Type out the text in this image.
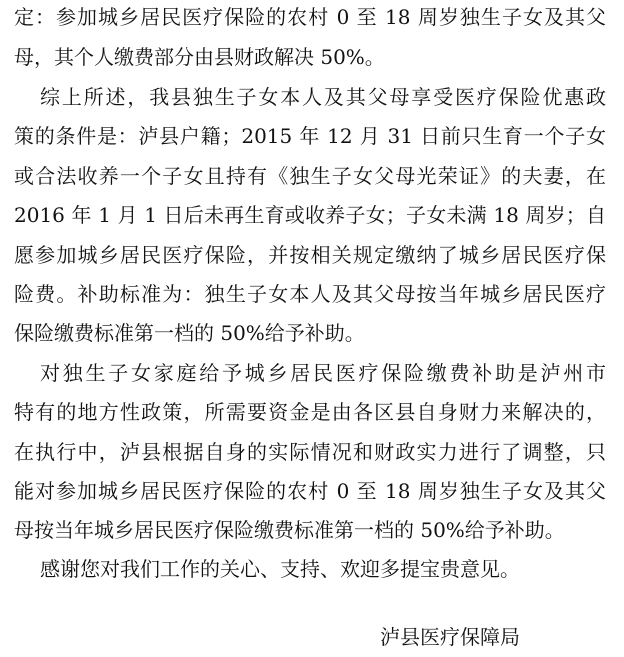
定：参加城乡居民医疗保险的农村 0 至 18 周岁独生子女及其父
母，其个人缴费部分由县财政解决 50%。
综上所述，我县独生子女本人及其父母享受医疗保险优惠政
策的条件是：泸县户籍；2015 年 12 月 31 日前只生育一个子女
或合法收养一个子女且持有《独生子女父母光荣证》的夫妻，在
2016 年 1 月 1 日后未再生育或收养子女；子女未满 18 周岁；自
愿参加城乡居民医疗保险，并按相关规定缴纳了城乡居民医疗保
险费。补助标准为：独生子女本人及其父母按当年城乡居民医疗
保险缴费标准第一档的 50%给予补助。
对独生子女家庭给予城乡居民医疗保险缴费补助是泸州市
特有的地方性政策，所需要资金是由各区县自身财力来解决的，
在执行中，泸县根据自身的实际情况和财政实力进行了调整，只
能对参加城乡居民医疗保险的农村 0 至 18 周岁独生子女及其父
母按当年城乡居民医疗保险缴费标准第一档的 50%给予补助。
感谢您对我们工作的关心、支持、欢迎多提宝贵意见。
泸县医疗保障局
